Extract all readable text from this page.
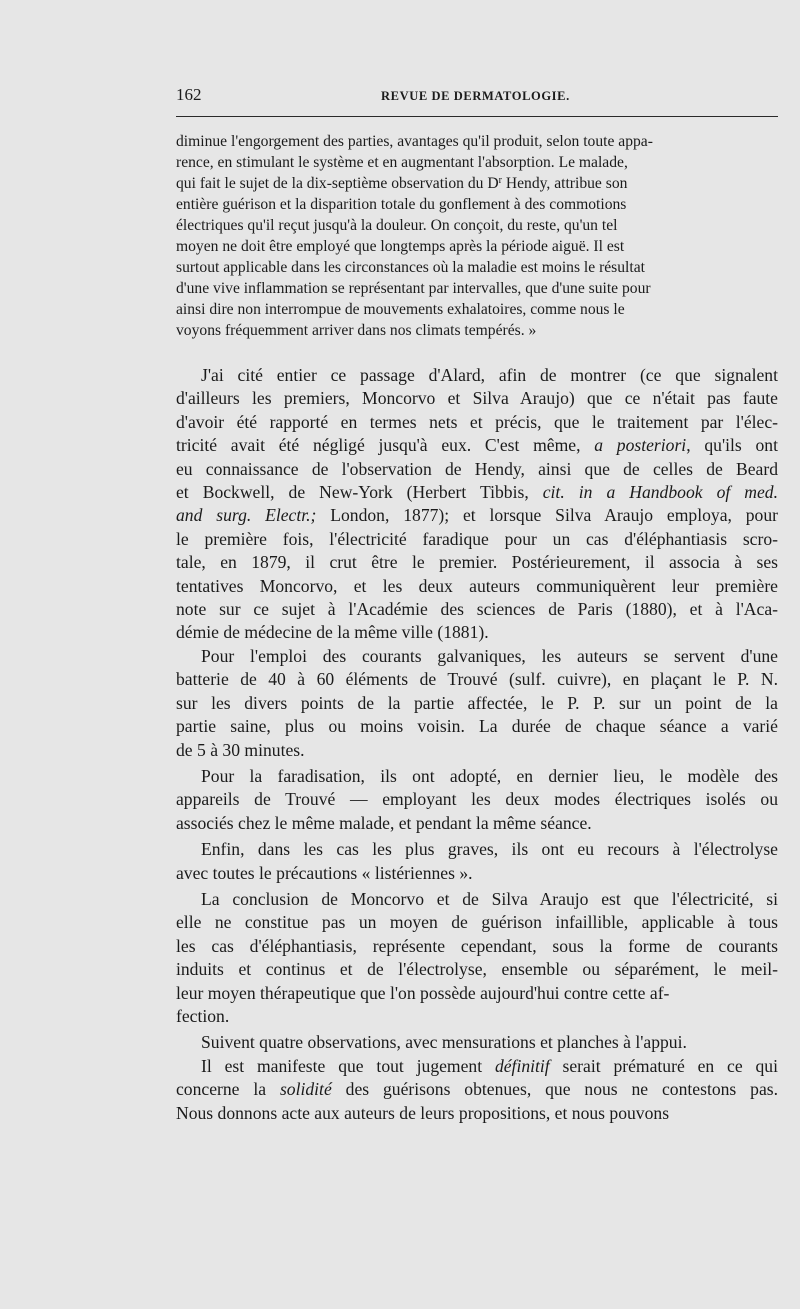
162	REVUE DE DERMATOLOGIE.
diminue l'engorgement des parties, avantages qu'il produit, selon toute appa-
rence, en stimulant le système et en augmentant l'absorption. Le malade,
qui fait le sujet de la dix-septième observation du $D^r$ Hendy, attribue son
entière guérison et la disparition totale du gonflement à des commotions
électriques qu'il reçut jusqu'à la douleur. On conçoit, du reste, qu'un tel
moyen ne doit être employé que longtemps après la période aiguë. Il est
surtout applicable dans les circonstances où la maladie est moins le résultat
d'une vive inflammation se représentant par intervalles, que d'une suite pour
ainsi dire non interrompue de mouvements exhalatoires, comme nous le
voyons fréquemment arriver dans nos climats tempérés. »
J'ai cité entier ce passage d'Alard, afin de montrer (ce que signalent
d'ailleurs les premiers, Moncorvo et Silva Araujo) que ce n'était pas faute
d'avoir été rapporté en termes nets et précis, que le traitement par l'élec-
tricité avait été négligé jusqu'à eux. C'est même, a posteriori, qu'ils ont
eu connaissance de l'observation de Hendy, ainsi que de celles de Beard
et Bockwell, de New-York (Herbert Tibbis, cit. in a Handbook of med.
and surg. Electr.; London, 1877); et lorsque Silva Araujo employa, pour
le première fois, l'électricité faradique pour un cas d'éléphantiasis scro-
tale, en 1879, il crut être le premier. Postérieurement, il associa à ses
tentatives Moncorvo, et les deux auteurs communiquèrent leur première
note sur ce sujet à l'Académie des sciences de Paris (1880), et à l'Aca-
démie de médecine de la même ville (1881).
Pour l'emploi des courants galvaniques, les auteurs se servent d'une
batterie de 40 à 60 éléments de Trouvé (sulf. cuivre), en plaçant le P. N.
sur les divers points de la partie affectée, le P. P. sur un point de la
partie saine, plus ou moins voisin. La durée de chaque séance a varié
de 5 à 30 minutes.
Pour la faradisation, ils ont adopté, en dernier lieu, le modèle des
appareils de Trouvé — employant les deux modes électriques isolés ou
associés chez le même malade, et pendant la même séance.
Enfin, dans les cas les plus graves, ils ont eu recours à l'électrolyse
avec toutes le précautions « listériennes ».
La conclusion de Moncorvo et de Silva Araujo est que l'électricité, si
elle ne constitue pas un moyen de guérison infaillible, applicable à tous
les cas d'éléphantiasis, représente cependant, sous la forme de courants
induits et continus et de l'électrolyse, ensemble ou séparément, le meil-
leur moyen thérapeutique que l'on possède aujourd'hui contre cette af-
fection.
Suivent quatre observations, avec mensurations et planches à l'appui.
Il est manifeste que tout jugement définitif serait prématuré en ce qui
concerne la solidité des guérisons obtenues, que nous ne contestons pas.
Nous donnons acte aux auteurs de leurs propositions, et nous pouvons
